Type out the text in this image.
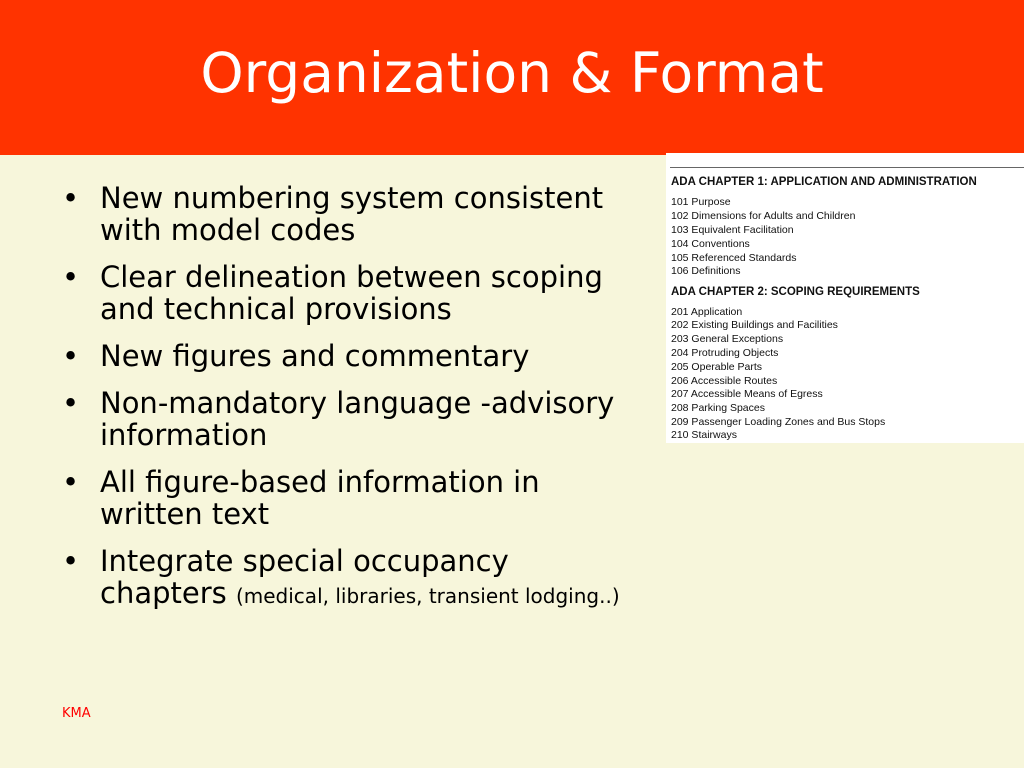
Organization & Format
• New numbering system consistent with model codes
• Clear delineation between scoping and technical provisions
• New figures and commentary
• Non-mandatory language -advisory information
• All figure-based information in written text
• Integrate special occupancy chapters (medical, libraries, transient lodging..)
ADA CHAPTER 1: APPLICATION AND ADMINISTRATION
101 Purpose
102 Dimensions for Adults and Children
103 Equivalent Facilitation
104 Conventions
105 Referenced Standards
106 Definitions
ADA CHAPTER 2: SCOPING REQUIREMENTS
201 Application
202 Existing Buildings and Facilities
203 General Exceptions
204 Protruding Objects
205 Operable Parts
206 Accessible Routes
207 Accessible Means of Egress
208 Parking Spaces
209 Passenger Loading Zones and Bus Stops
210 Stairways
KMA
